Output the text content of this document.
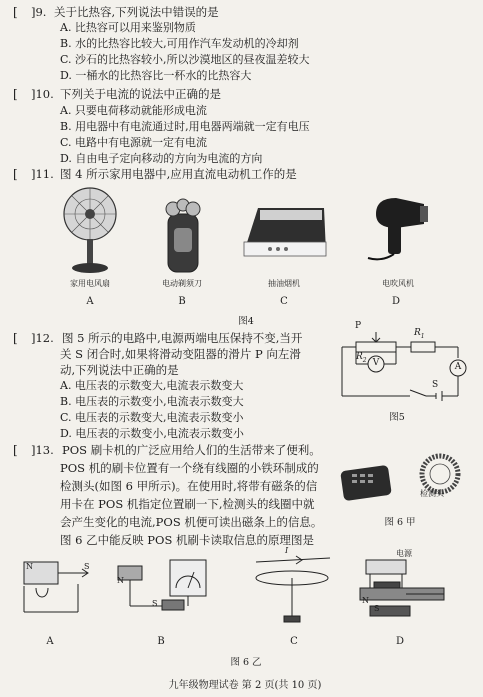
[ ]9. 关于比热容,下列说法中错误的是
A. 比热容可以用来鉴别物质
B. 水的比热容比较大,可用作汽车发动机的冷却剂
C. 沙石的比热容较小,所以沙漠地区的昼夜温差较大
D. 一桶水的比热容比一杯水的比热容大
[ ]10. 下列关于电流的说法中正确的是
A. 只要电荷移动就能形成电流
B. 用电器中有电流通过时,用电器两端就一定有电压
C. 电路中有电源就一定有电流
D. 自由电子定向移动的方向为电流的方向
[ ]11. 图 4 所示家用电器中,应用直流电动机工作的是
家用电风扇
A
电动剃须刀
B
抽油烟机
C
电吹风机
D
图4
[ ]12. 图 5 所示的电路中,电源两端电压保持不变,当开
关 S 闭合时,如果将滑动变阻器的滑片 P 向左滑
动,下列说法中正确的是
A. 电压表的示数变大,电流表示数变大
B. 电压表的示数变小,电流表示数变大
C. 电压表的示数变大,电流表示数变小
D. 电压表的示数变小,电流表示数变小
P
$R_1$
$R_2$ V	A
S
图5
[ ]13. POS 刷卡机的广泛应用给人们的生活带来了便利。
POS 机的刷卡位置有一个绕有线圈的小铁环制成的
检测头(如图 6 甲所示)。在使用时,将带有磁条的信
用卡在 POS 机指定位置刷一下,检测头的线圈中就
会产生变化的电流,POS 机便可读出磁条上的信息。
图 6 乙中能反映 POS 机刷卡读取信息的原理图是
检测头
图 6 甲
N	S
N
S
I	电源
N
S
A	B	C	D
图 6 乙
九年级物理试卷 第 2 页(共 10 页)
